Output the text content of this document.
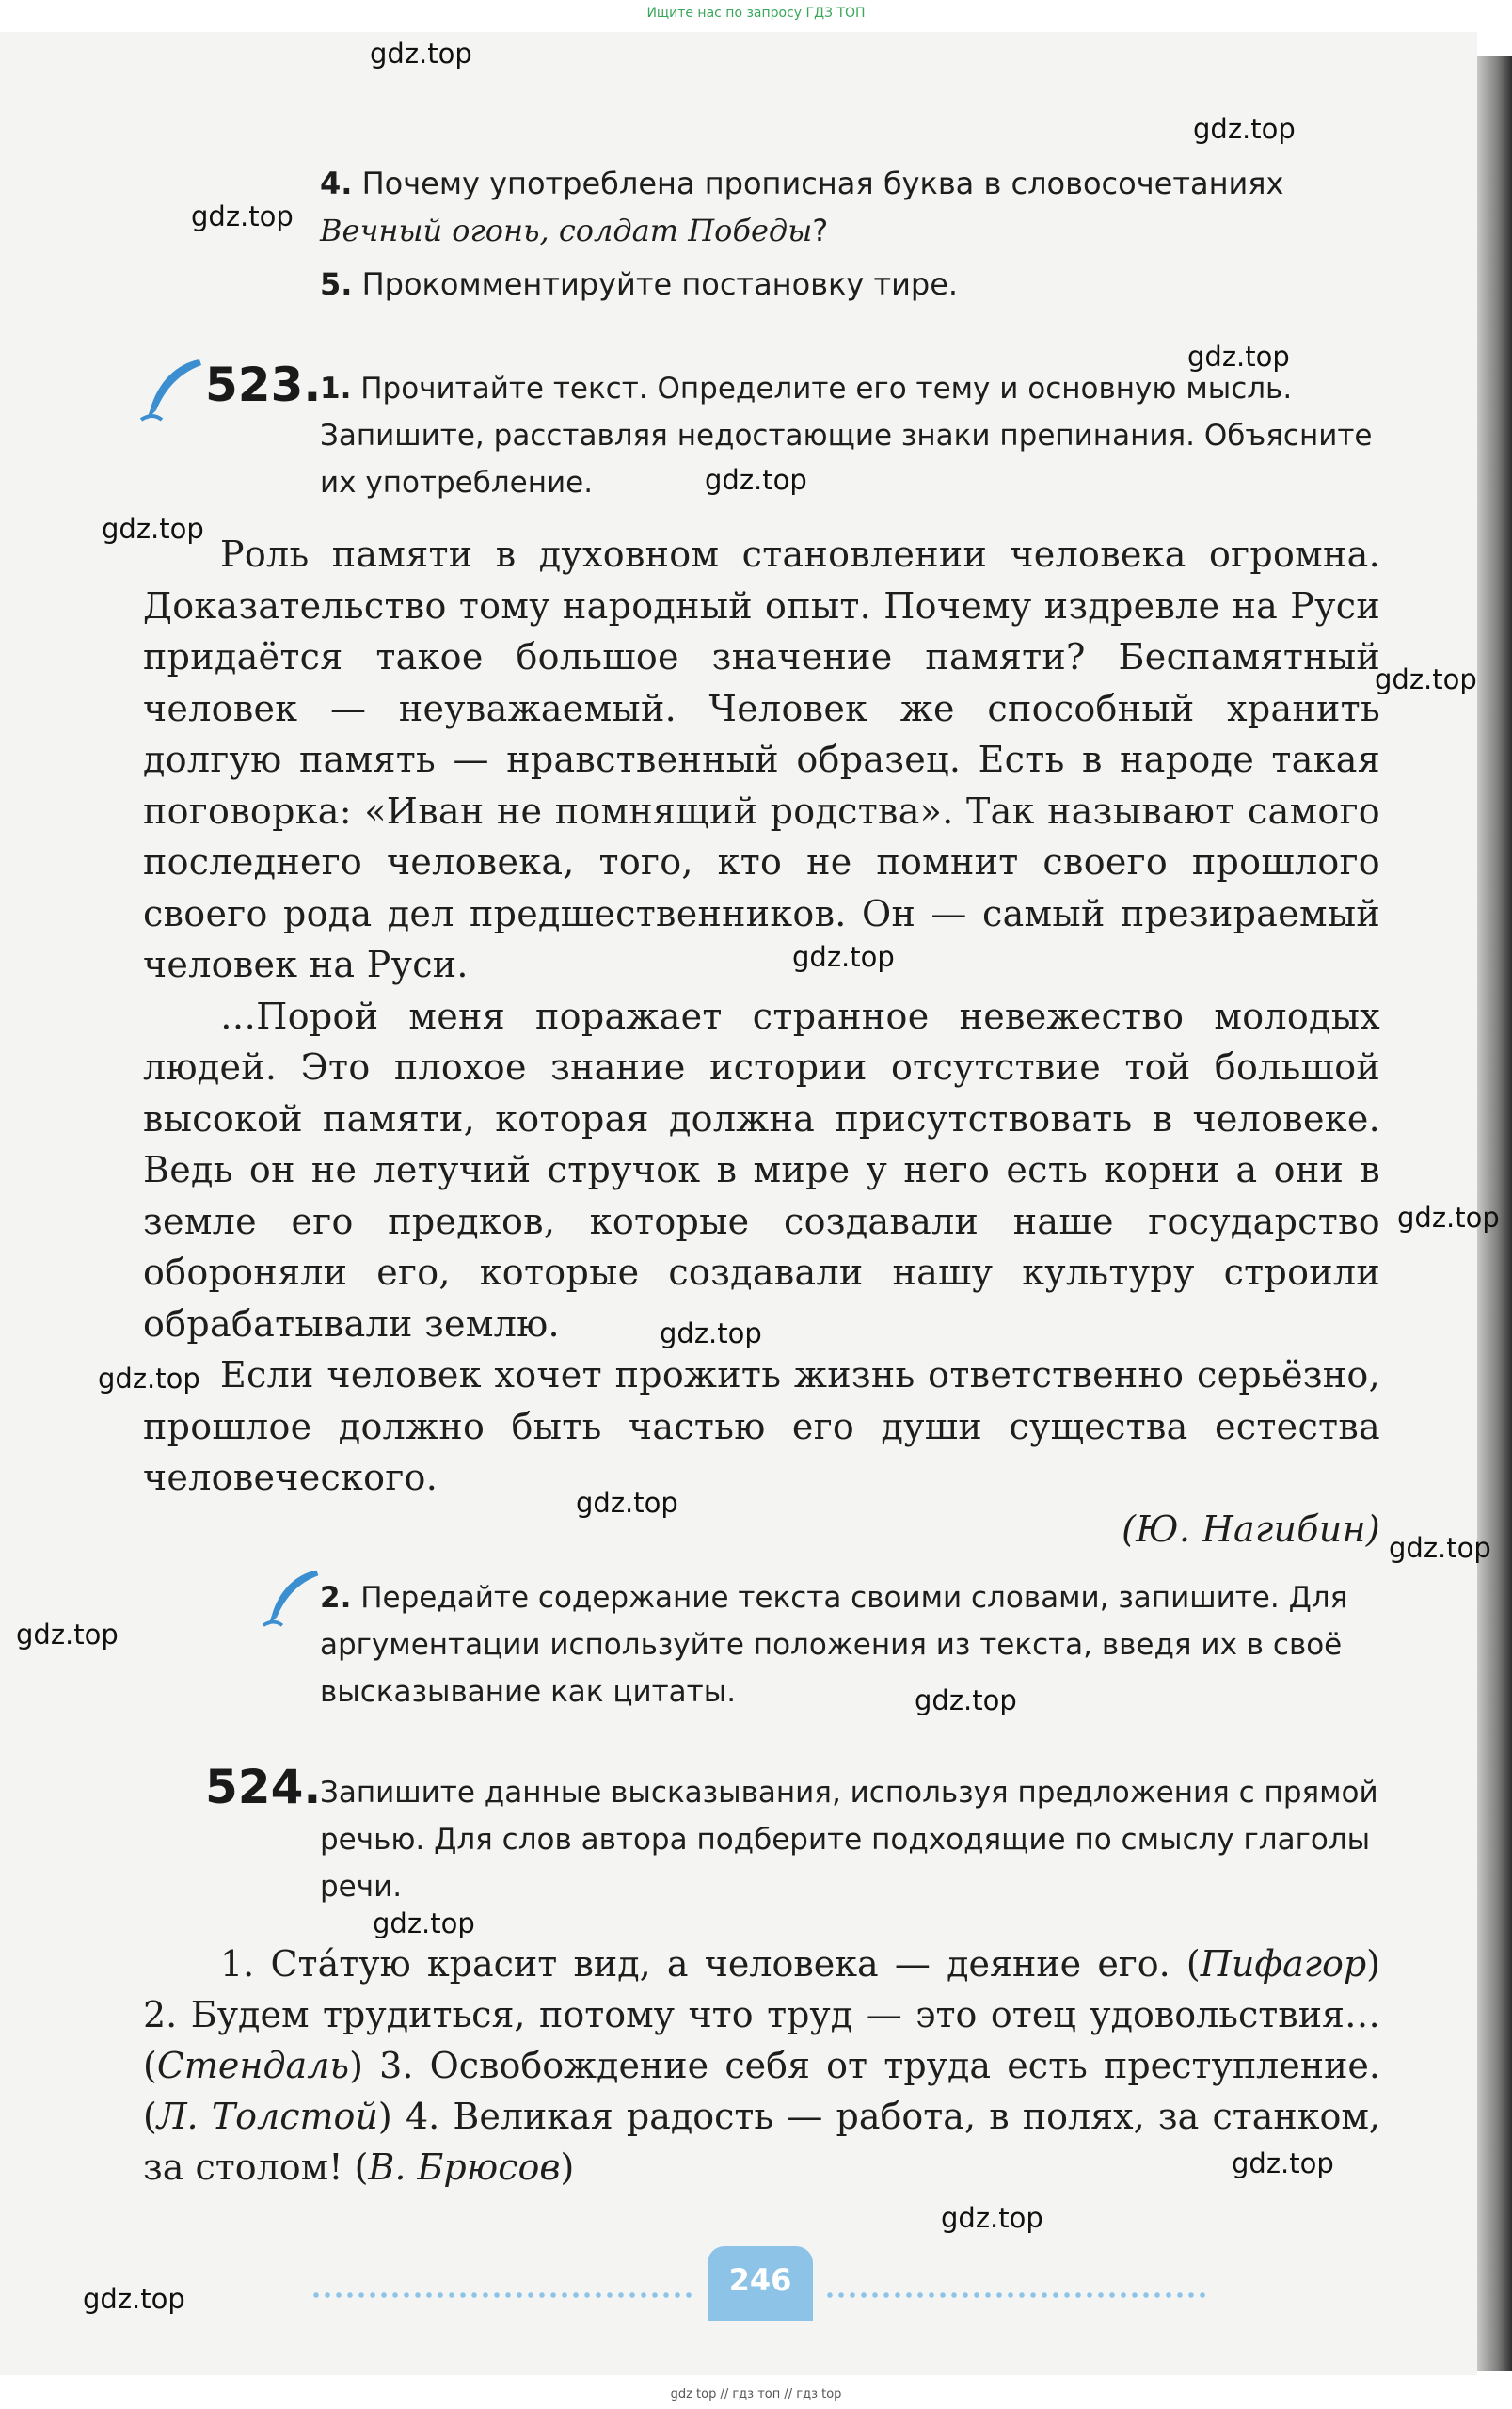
Ищите нас по запросу ГДЗ ТОП
4. Почему употреблена прописная буква в словосочетаниях Вечный огонь, солдат Победы?
5. Прокомментируйте постановку тире.
523.
1. Прочитайте текст. Определите его тему и основную мысль. Запишите, расставляя недостающие знаки препинания. Объясните их употребление.

Роль памяти в духовном становлении человека огромна. Доказательство тому народный опыт. Почему издревле на Руси придаётся такое большое значение памяти? Беспамятный человек — неуважаемый. Человек же способный хранить долгую память — нравственный образец. Есть в народе такая поговорка: «Иван не помнящий родства». Так называют самого последнего человека, того, кто не помнит своего прошлого своего рода дел предшественников. Он — самый презираемый человек на Руси.

…Порой меня поражает странное невежество молодых людей. Это плохое знание истории отсутствие той большой высокой памяти, которая должна присутствовать в человеке. Ведь он не летучий стручок в мире у него есть корни а они в земле его предков, которые создавали наше государство обороняли его, которые создавали нашу культуру строили обрабатывали землю.

Если человек хочет прожить жизнь ответственно серьёзно, прошлое должно быть частью его души существа естества человеческого.

(Ю. Нагибин)
2. Передайте содержание текста своими словами, запишите. Для аргументации используйте положения из текста, введя их в своё высказывание как цитаты.
524.
Запишите данные высказывания, используя предложения с прямой речью. Для слов автора подберите подходящие по смыслу глаголы речи.

1. Ста́тую красит вид, а человека — деяние его. (Пифагор) 2. Будем трудиться, потому что труд — это отец удовольствия… (Стендаль) 3. Освобождение себя от труда есть преступление. (Л. Толстой) 4. Великая радость — работа, в полях, за станком, за столом! (В. Брюсов)

246
gdz.top
gdz.top
gdz.top
gdz.top
gdz.top
gdz.top
gdz.top
gdz.top
gdz.top
gdz.top
gdz.top
gdz.top
gdz.top
gdz.top
gdz.top
gdz.top
gdz.top
gdz.top
gdz.top
gdz top // гдз топ // гдз top
